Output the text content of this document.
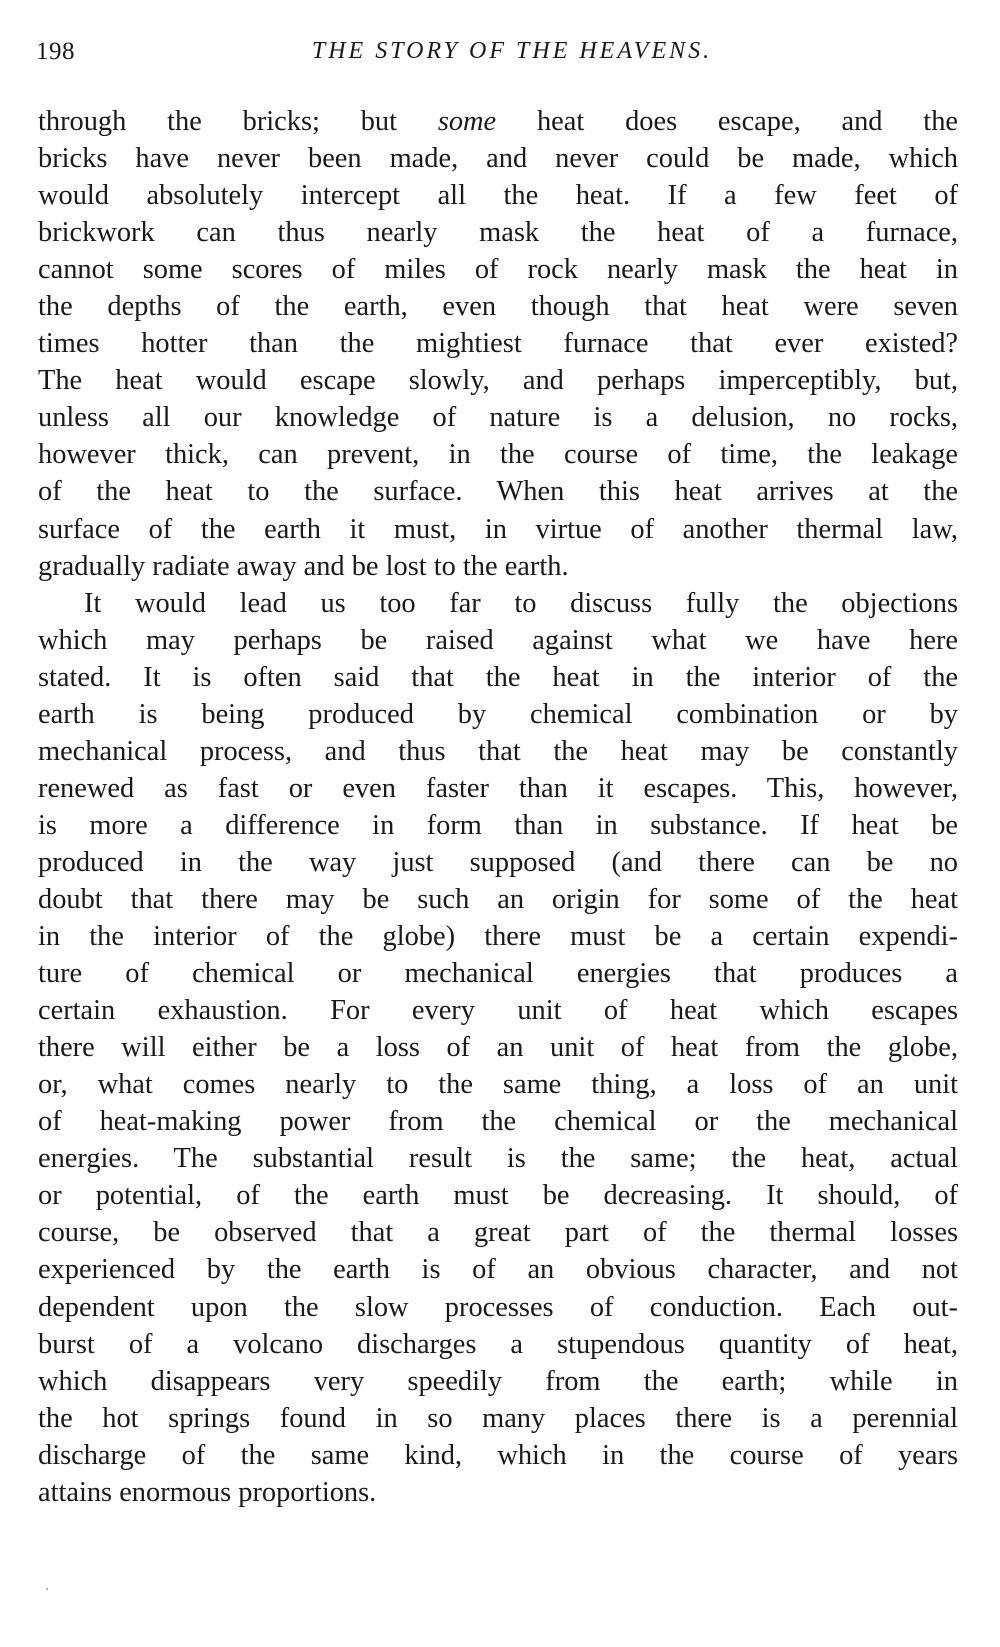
198	THE STORY OF THE HEAVENS.
through the bricks; but some heat does escape, and the
bricks have never been made, and never could be made, which
would absolutely intercept all the heat. If a few feet of
brickwork can thus nearly mask the heat of a furnace,
cannot some scores of miles of rock nearly mask the heat in
the depths of the earth, even though that heat were seven
times hotter than the mightiest furnace that ever existed?
The heat would escape slowly, and perhaps imperceptibly, but,
unless all our knowledge of nature is a delusion, no rocks,
however thick, can prevent, in the course of time, the leakage
of the heat to the surface. When this heat arrives at the
surface of the earth it must, in virtue of another thermal law,
gradually radiate away and be lost to the earth.
It would lead us too far to discuss fully the objections
which may perhaps be raised against what we have here
stated. It is often said that the heat in the interior of the
earth is being produced by chemical combination or by
mechanical process, and thus that the heat may be constantly
renewed as fast or even faster than it escapes. This, however,
is more a difference in form than in substance. If heat be
produced in the way just supposed (and there can be no
doubt that there may be such an origin for some of the heat
in the interior of the globe) there must be a certain expendi-
ture of chemical or mechanical energies that produces a
certain exhaustion. For every unit of heat which escapes
there will either be a loss of an unit of heat from the globe,
or, what comes nearly to the same thing, a loss of an unit
of heat-making power from the chemical or the mechanical
energies. The substantial result is the same; the heat, actual
or potential, of the earth must be decreasing. It should, of
course, be observed that a great part of the thermal losses
experienced by the earth is of an obvious character, and not
dependent upon the slow processes of conduction. Each out-
burst of a volcano discharges a stupendous quantity of heat,
which disappears very speedily from the earth; while in
the hot springs found in so many places there is a perennial
discharge of the same kind, which in the course of years
attains enormous proportions.
